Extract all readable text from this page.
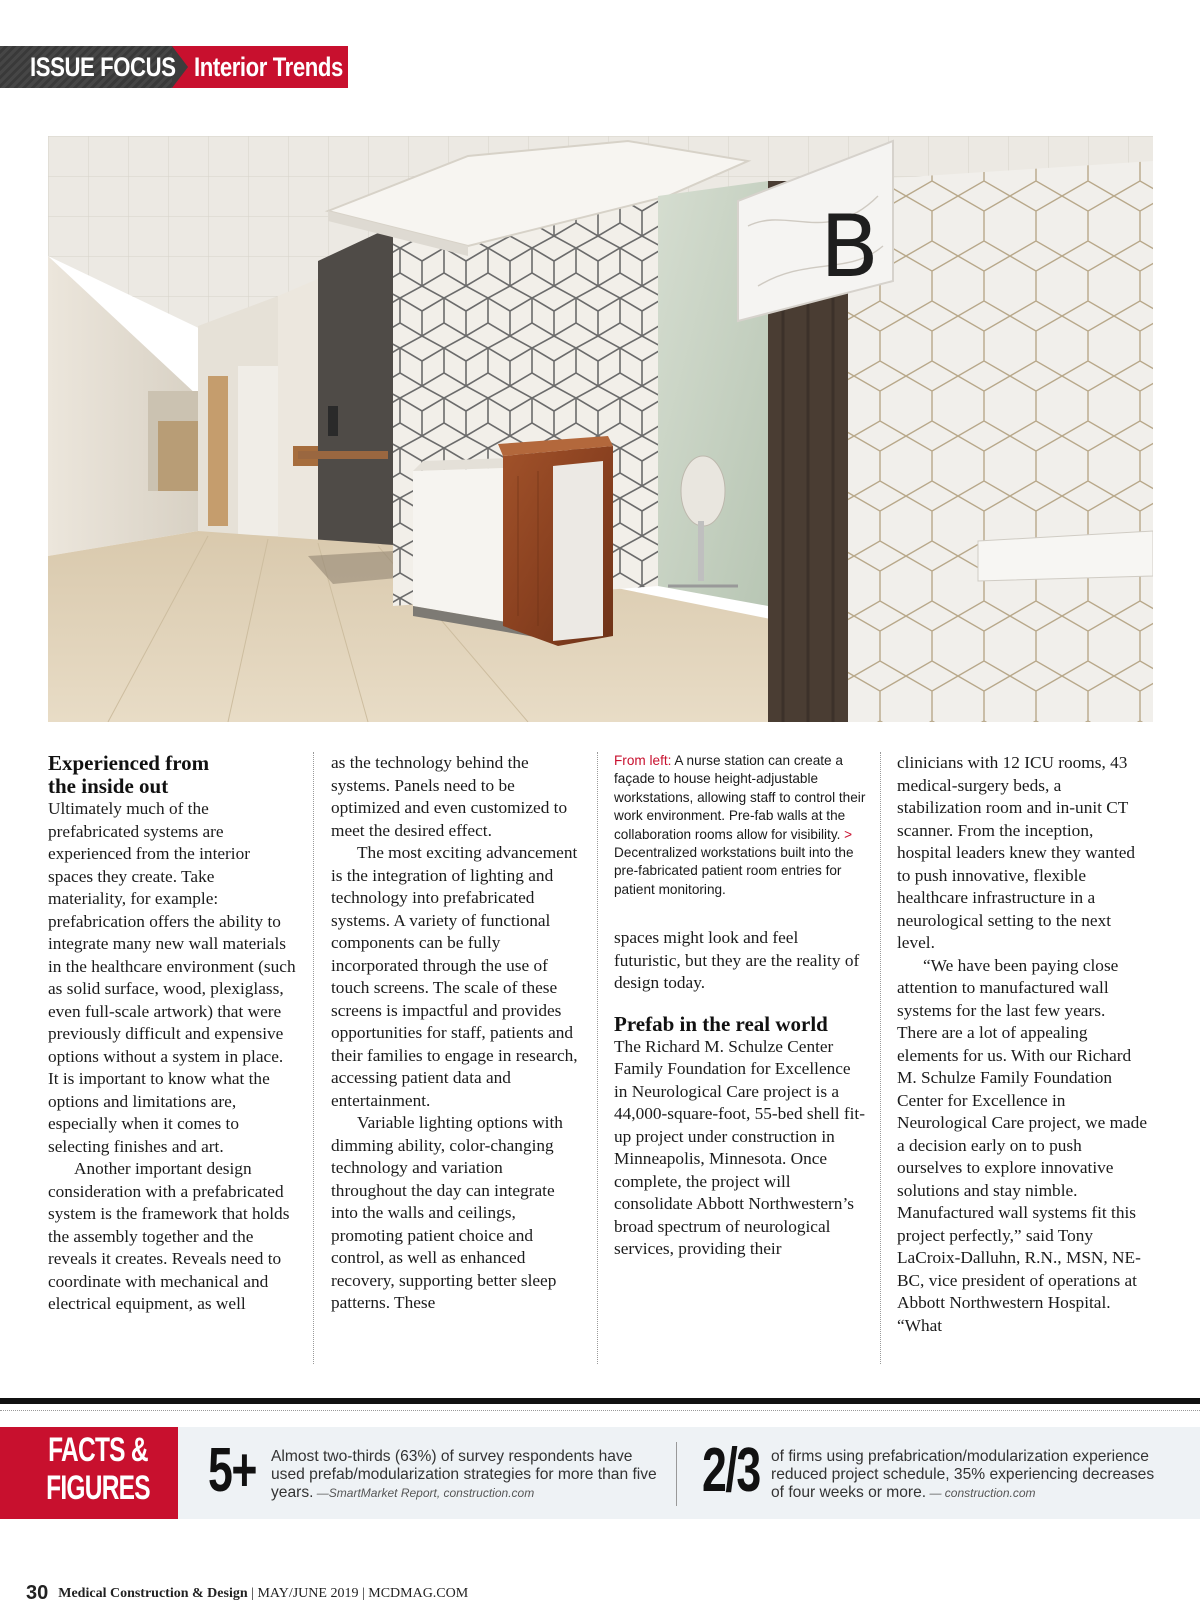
ISSUE FOCUS Interior Trends
B
Experienced from
the inside out

Ultimately much of the prefabricated systems are experienced from the interior spaces they create. Take materiality, for example: prefabrication offers the ability to integrate many new wall materials in the healthcare environment (such as solid surface, wood, plexiglass, even full-scale artwork) that were previously difficult and expensive options without a system in place. It is important to know what the options and limitations are, especially when it comes to selecting finishes and art.

Another important design consideration with a prefabricated system is the framework that holds the assembly together and the reveals it creates. Reveals need to coordinate with mechanical and electrical equipment, as well

as the technology behind the systems. Panels need to be optimized and even customized to meet the desired effect.

The most exciting advancement is the integration of lighting and technology into prefabricated systems. A variety of functional components can be fully incorporated through the use of touch screens. The scale of these screens is impactful and provides opportunities for staff, patients and their families to engage in research, accessing patient data and entertainment.

Variable lighting options with dimming ability, color-changing technology and variation throughout the day can integrate into the walls and ceilings, promoting patient choice and control, as well as enhanced recovery, supporting better sleep patterns. These

From left: A nurse station can create a façade to house height-adjustable workstations, allowing staff to control their work environment. Pre-fab walls at the collaboration rooms allow for visibility. > Decentralized workstations built into the pre-fabricated patient room entries for patient monitoring.

spaces might look and feel futuristic, but they are the reality of design today.

Prefab in the real world

The Richard M. Schulze Center Family Foundation for Excellence in Neurological Care project is a 44,000-square-foot, 55-bed shell fit-up project under construction in Minneapolis, Minnesota. Once complete, the project will consolidate Abbott Northwestern’s broad spectrum of neurological services, providing their

clinicians with 12 ICU rooms, 43 medical-surgery beds, a stabilization room and in-unit CT scanner. From the inception, hospital leaders knew they wanted to push innovative, flexible healthcare infrastructure in a neurological setting to the next level.

“We have been paying close attention to manufactured wall systems for the last few years. There are a lot of appealing elements for us. With our Richard M. Schulze Family Foundation Center for Excellence in Neurological Care project, we made a decision early on to push ourselves to explore innovative solutions and stay nimble. Manufactured wall systems fit this project perfectly,” said Tony LaCroix-Dalluhn, R.N., MSN, NE-BC, vice president of operations at Abbott Northwestern Hospital. “What

FACTS &
FIGURES 5+ Almost two-thirds (63%) of survey respondents have used prefab/modularization strategies for more than five years. —SmartMarket Report, construction.com	2/3 of firms using prefabrication/modularization experience reduced project schedule, 35% experiencing decreases of four weeks or more. — construction.com
30 Medical Construction & Design | MAY/JUNE 2019 | MCDMAG.COM
